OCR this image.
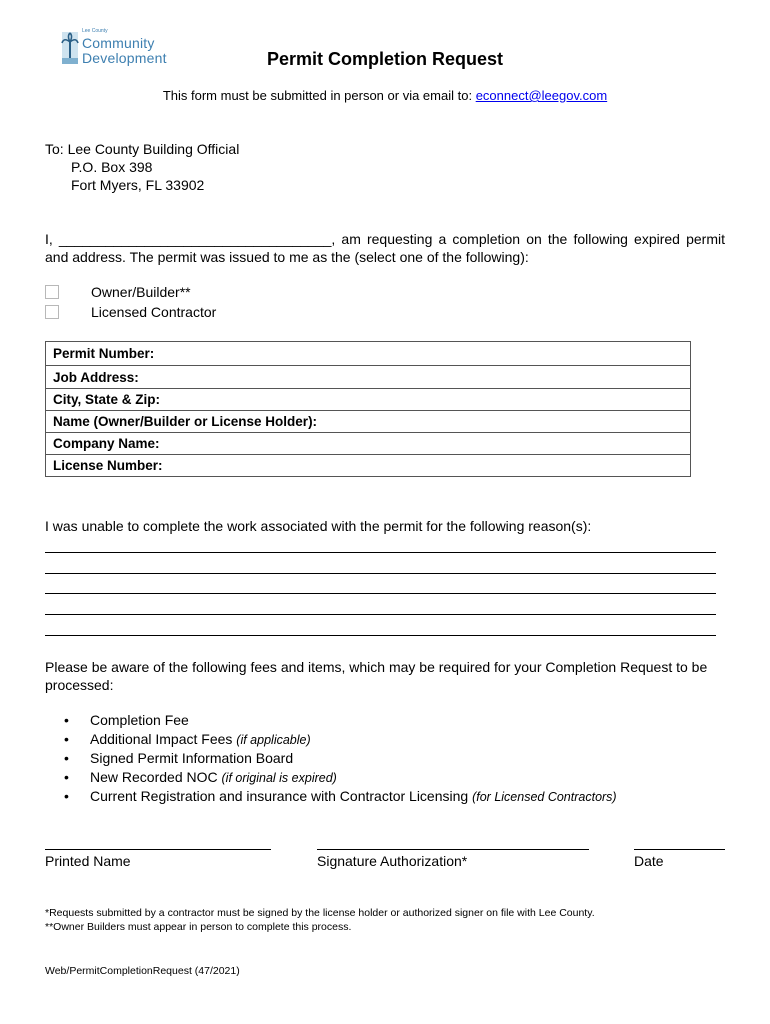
Lee County
Community
Development	Permit Completion Request
This form must be submitted in person or via email to: econnect@leegov.com
To: Lee County Building Official
P.O. Box 398
Fort Myers, FL 33902
I, ___________________________________, am requesting a completion on the following expired permit and address. The permit was issued to me as the (select one of the following):
Owner/Builder**
Licensed Contractor
Permit Number:
Job Address:
City, State & Zip:
Name (Owner/Builder or License Holder):
Company Name:
License Number:
I was unable to complete the work associated with the permit for the following reason(s):
Please be aware of the following fees and items, which may be required for your Completion Request to be processed:
• Completion Fee
• Additional Impact Fees (if applicable)
• Signed Permit Information Board
• New Recorded NOC (if original is expired)
• Current Registration and insurance with Contractor Licensing (for Licensed Contractors)
Printed Name	Signature Authorization*	Date
*Requests submitted by a contractor must be signed by the license holder or authorized signer on file with Lee County.
**Owner Builders must appear in person to complete this process.
Web/PermitCompletionRequest (47/2021)
